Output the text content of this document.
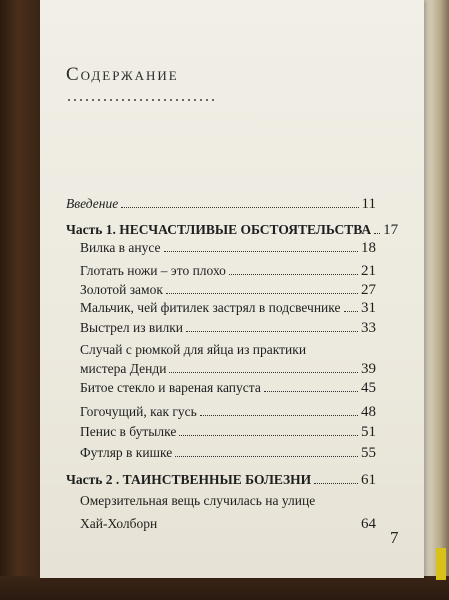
Содержание
Введение	11
Часть 1. НЕСЧАСТЛИВЫЕ ОБСТОЯТЕЛЬСТВА 17
Вилка в анусе	18
Глотать ножи – это плохо	21
Золотой замок	27
Мальчик, чей фитилек застрял в подсвечнике 31
Выстрел из вилки	33
Случай с рюмкой для яйца из практики
мистера Денди	39
Битое стекло и вареная капуста	45
Гогочущий, как гусь	48
Пенис в бутылке	51
Футляр в кишке	55
Часть 2 . ТАИНСТВЕННЫЕ БОЛЕЗНИ	61
Омерзительная вещь случилась на улице
Хай-Холборн	64
7
